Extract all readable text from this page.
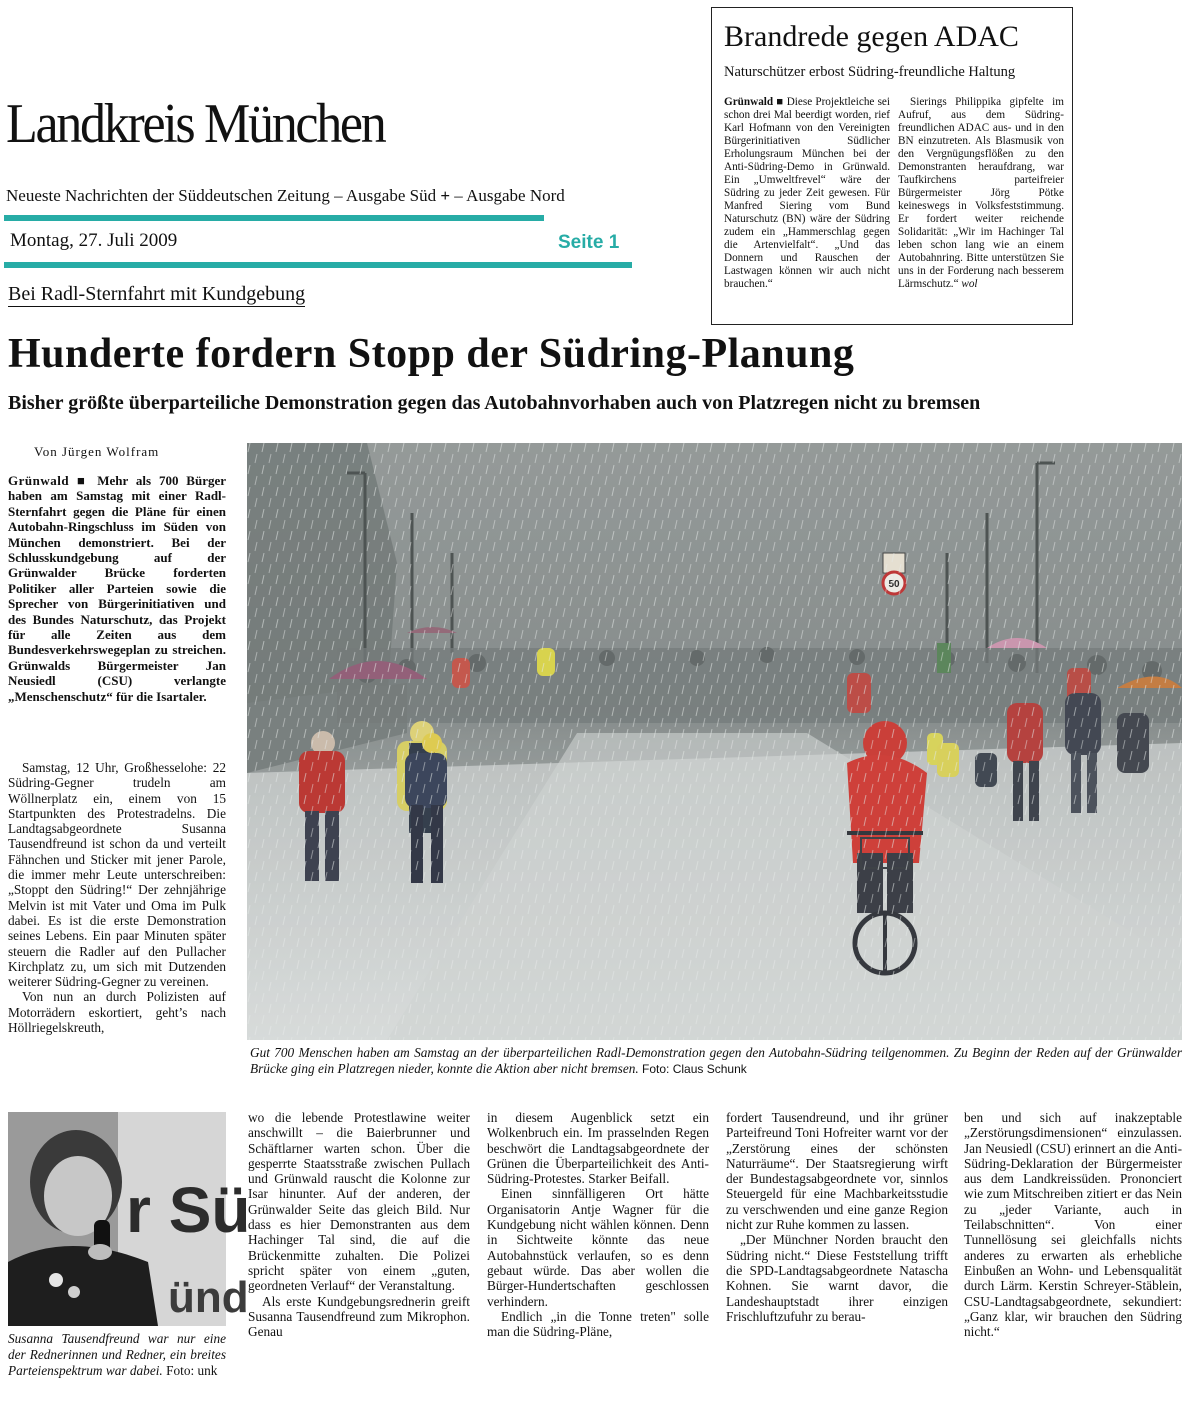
Landkreis München
Neueste Nachrichten der Süddeutschen Zeitung – Ausgabe Süd + – Ausgabe Nord
Montag, 27. Juli 2009	Seite 1
Brandrede gegen ADAC
Naturschützer erbost Südring-freundliche Haltung
Grünwald ■ Diese Projektleiche sei schon drei Mal beerdigt worden, rief Karl Hofmann von den Vereinigten Bürgerinitiativen Südlicher Erholungsraum München bei der Anti-Südring-Demo in Grünwald. Ein „Umweltfrevel“ wäre der Südring zu jeder Zeit gewesen. Für Manfred Siering vom Bund Naturschutz (BN) wäre der Südring zudem ein „Hammerschlag gegen die Artenvielfalt“. „Und das Donnern und Rauschen der Lastwagen können wir auch nicht brauchen.“
Sierings Philippika gipfelte im Aufruf, aus dem Südring-freundlichen ADAC aus- und in den BN einzutreten. Als Blasmusik von den Vergnügungsflößen zu den Demonstranten heraufdrang, war Taufkirchens parteifreier Bürgermeister Jörg Pötke keineswegs in Volksfeststimmung. Er fordert weiter reichende Solidarität: „Wir im Hachinger Tal leben schon lang wie an einem Autobahnring. Bitte unterstützen Sie uns in der Forderung nach besserem Lärmschutz.“ wol
Bei Radl-Sternfahrt mit Kundgebung
Hunderte fordern Stopp der Südring-Planung
Bisher größte überparteiliche Demonstration gegen das Autobahnvorhaben auch von Platzregen nicht zu bremsen
Von Jürgen Wolfram
Grünwald ■ Mehr als 700 Bürger haben am Samstag mit einer Radl-Sternfahrt gegen die Pläne für einen Autobahn-Ringschluss im Süden von München demonstriert. Bei der Schlusskundgebung auf der Grünwalder Brücke forderten Politiker aller Parteien sowie die Sprecher von Bürgerinitiativen und des Bundes Naturschutz, das Projekt für alle Zeiten aus dem Bundesverkehrswegeplan zu streichen. Grünwalds Bürgermeister Jan Neusiedl (CSU) verlangte „Menschenschutz“ für die Isartaler.

Samstag, 12 Uhr, Großhesselohe: 22 Südring-Gegner trudeln am Wöllnerplatz ein, einem von 15 Startpunkten des Protestradelns. Die Landtagsabgeordnete Susanna Tausendfreund ist schon da und verteilt Fähnchen und Sticker mit jener Parole, die immer mehr Leute unterschreiben: „Stoppt den Südring!“ Der zehnjährige Melvin ist mit Vater und Oma im Pulk dabei. Es ist die erste Demonstration seines Lebens. Ein paar Minuten später steuern die Radler auf den Pullacher Kirchplatz zu, um sich mit Dutzenden weiterer Südring-Gegner zu vereinen.

Von nun an durch Polizisten auf Motorrädern eskortiert, geht’s nach Höllriegelskreuth,

Gut 700 Menschen haben am Samstag an der überparteilichen Radl-Demonstration gegen den Autobahn-Südring teilgenommen. Zu Beginn der Reden auf der Grünwalder Brücke ging ein Platzregen nieder, konnte die Aktion aber nicht bremsen. Foto: Claus Schunk
r Sü
ünd
Susanna Tausendfreund war nur eine der Rednerinnen und Redner, ein breites Parteienspektrum war dabei. Foto: unk

wo die lebende Protestlawine weiter anschwillt – die Baierbrunner und Schäftlarner warten schon. Über die gesperrte Staatsstraße zwischen Pullach und Grünwald rauscht die Kolonne zur Isar hinunter. Auf der anderen, der Grünwalder Seite das gleich Bild. Nur dass es hier Demonstranten aus dem Hachinger Tal sind, die auf die Brückenmitte zuhalten. Die Polizei spricht später von einem „guten, geordneten Verlauf“ der Veranstaltung.

Als erste Kundgebungsrednerin greift Susanna Tausendfreund zum Mikrophon. Genau

in diesem Augenblick setzt ein Wolkenbruch ein. Im prasselnden Regen beschwört die Landtagsabgeordnete der Grünen die Überparteilichkeit des Anti-Südring-Protestes. Starker Beifall.

Einen sinnfälligeren Ort hätte Organisatorin Antje Wagner für die Kundgebung nicht wählen können. Denn in Sichtweite könnte das neue Autobahnstück verlaufen, so es denn gebaut würde. Das aber wollen die Bürger-Hundertschaften geschlossen verhindern.

Endlich „in die Tonne treten" solle man die Südring-Pläne,

fordert Tausendreund, und ihr grüner Parteifreund Toni Hofreiter warnt vor der „Zerstörung eines der schönsten Naturräume“. Der Staatsregierung wirft der Bundestagsabgeordnete vor, sinnlos Steuergeld für eine Machbarkeitsstudie zu verschwenden und eine ganze Region nicht zur Ruhe kommen zu lassen.

„Der Münchner Norden braucht den Südring nicht.“ Diese Feststellung trifft die SPD-Landtagsabgeordnete Natascha Kohnen. Sie warnt davor, die Landeshauptstadt ihrer einzigen Frischluftzufuhr zu berau-

ben und sich auf inakzeptable „Zerstörungsdimensionen“ einzulassen. Jan Neusiedl (CSU) erinnert an die Anti-Südring-Deklaration der Bürgermeister aus dem Landkreissüden. Prononciert wie zum Mitschreiben zitiert er das Nein zu „jeder Variante, auch in Teilabschnitten“. Von einer Tunnellösung sei gleichfalls nichts anderes zu erwarten als erhebliche Einbußen an Wohn- und Lebensqualität durch Lärm. Kerstin Schreyer-Stäblein, CSU-Landtagsabgeordnete, sekundiert: „Ganz klar, wir brauchen den Südring nicht.“
